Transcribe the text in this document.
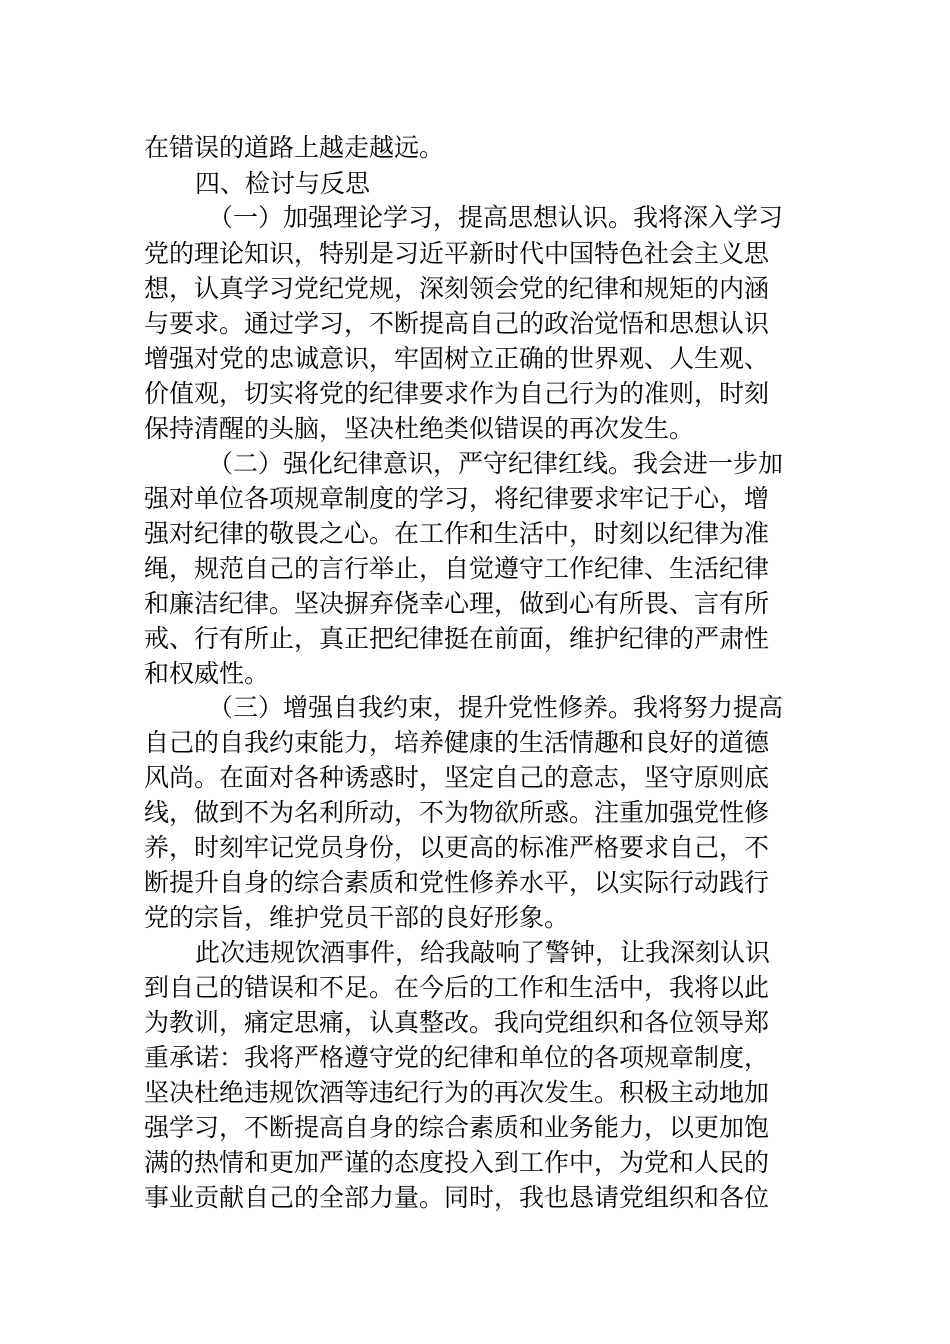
在错误的道路上越走越远。
四、检讨与反思
（一）加强理论学习，提高思想认识。我将深入学习
党的理论知识，特别是习近平新时代中国特色社会主义思
想，认真学习党纪党规，深刻领会党的纪律和规矩的内涵
与要求。通过学习，不断提高自己的政治觉悟和思想认识
增强对党的忠诚意识，牢固树立正确的世界观、人生观、
价值观，切实将党的纪律要求作为自己行为的准则，时刻
保持清醒的头脑，坚决杜绝类似错误的再次发生。
（二）强化纪律意识，严守纪律红线。我会进一步加
强对单位各项规章制度的学习，将纪律要求牢记于心，增
强对纪律的敬畏之心。在工作和生活中，时刻以纪律为准
绳，规范自己的言行举止，自觉遵守工作纪律、生活纪律
和廉洁纪律。坚决摒弃侥幸心理，做到心有所畏、言有所
戒、行有所止，真正把纪律挺在前面，维护纪律的严肃性
和权威性。
（三）增强自我约束，提升党性修养。我将努力提高
自己的自我约束能力，培养健康的生活情趣和良好的道德
风尚。在面对各种诱惑时，坚定自己的意志，坚守原则底
线，做到不为名利所动，不为物欲所惑。注重加强党性修
养，时刻牢记党员身份，以更高的标准严格要求自己，不
断提升自身的综合素质和党性修养水平，以实际行动践行
党的宗旨，维护党员干部的良好形象。
此次违规饮酒事件，给我敲响了警钟，让我深刻认识
到自己的错误和不足。在今后的工作和生活中，我将以此
为教训，痛定思痛，认真整改。我向党组织和各位领导郑
重承诺：我将严格遵守党的纪律和单位的各项规章制度，
坚决杜绝违规饮酒等违纪行为的再次发生。积极主动地加
强学习，不断提高自身的综合素质和业务能力，以更加饱
满的热情和更加严谨的态度投入到工作中，为党和人民的
事业贡献自己的全部力量。同时，我也恳请党组织和各位
